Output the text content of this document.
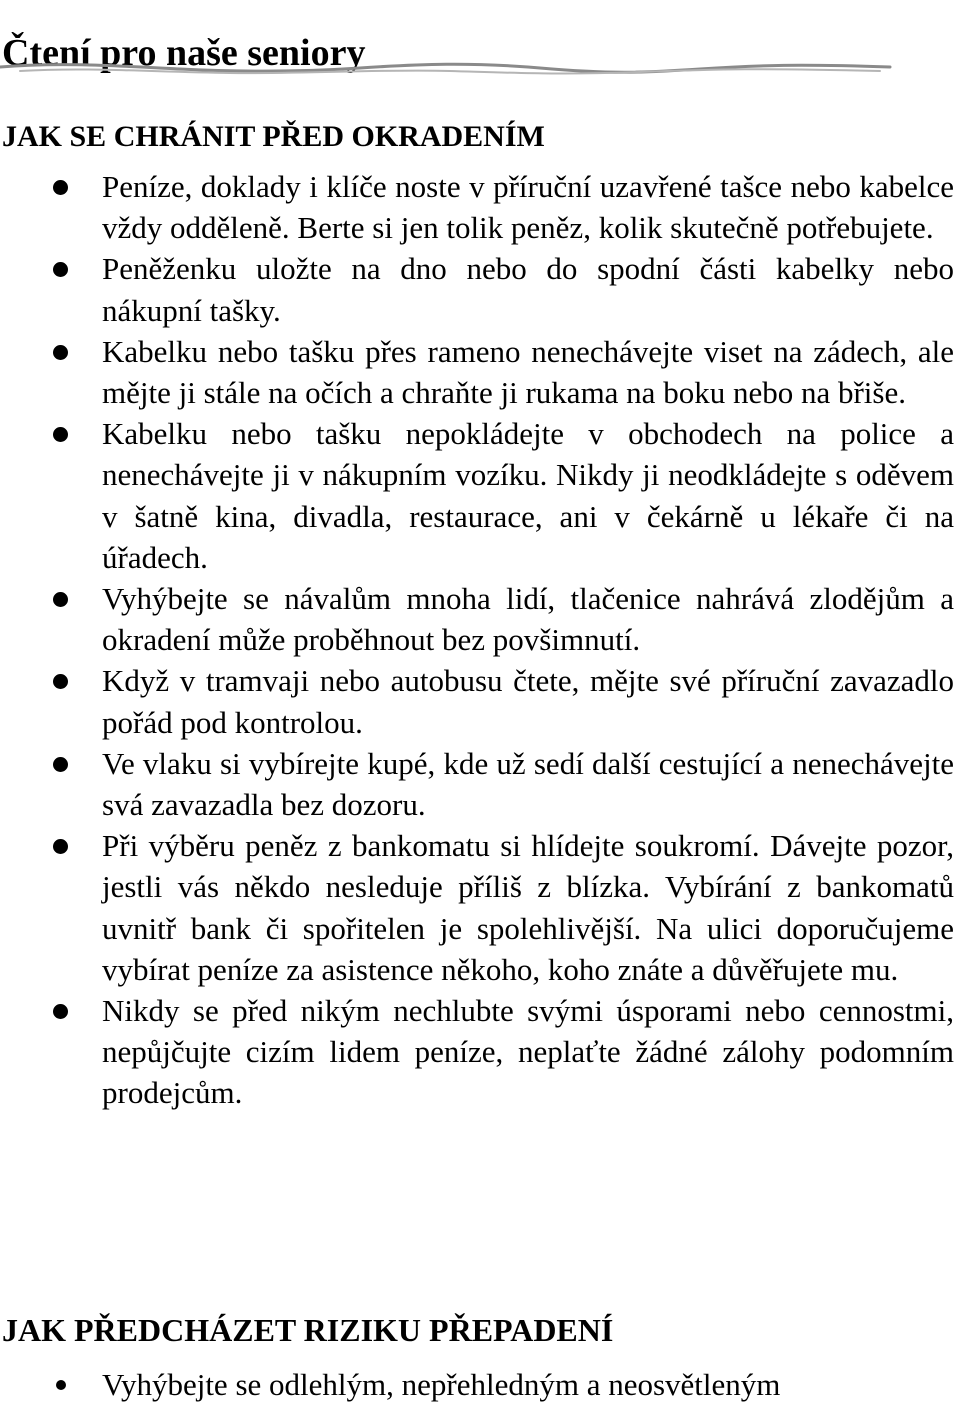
Čtení pro naše seniory
JAK SE CHRÁNIT PŘED OKRADENÍM
Peníze, doklady i klíče noste v příruční uzavřené tašce nebo kabelce vždy odděleně. Berte si jen tolik peněz, kolik skutečně potřebujete.
Peněženku uložte na dno nebo do spodní části kabelky nebo nákupní tašky.
Kabelku nebo tašku přes rameno nenechávejte viset na zádech, ale mějte ji stále na očích a chraňte ji rukama na boku nebo na břiše.
Kabelku nebo tašku nepokládejte v obchodech na police a nenechávejte ji v nákupním vozíku. Nikdy ji neodkládejte s oděvem v šatně kina, divadla, restaurace, ani v čekárně u lékaře či na úřadech.
Vyhýbejte se návalům mnoha lidí, tlačenice nahrává zlodějům a okradení může proběhnout bez povšimnutí.
Když v tramvaji nebo autobusu čtete, mějte své příruční zavazadlo pořád pod kontrolou.
Ve vlaku si vybírejte kupé, kde už sedí další cestující a nenechávejte svá zavazadla bez dozoru.
Při výběru peněz z bankomatu si hlídejte soukromí. Dávejte pozor, jestli vás někdo nesleduje příliš z blízka. Vybírání z bankomatů uvnitř bank či spořitelen je spolehlivější. Na ulici doporučujeme vybírat peníze za asistence někoho, koho znáte a důvěřujete mu.
Nikdy se před nikým nechlubte svými úsporami nebo cennostmi, nepůjčujte cizím lidem peníze, neplaťte žádné zálohy podomním prodejcům.
JAK PŘEDCHÁZET RIZIKU PŘEPADENÍ
Vyhýbejte se odlehlým, nepřehledným a neosvětleným
